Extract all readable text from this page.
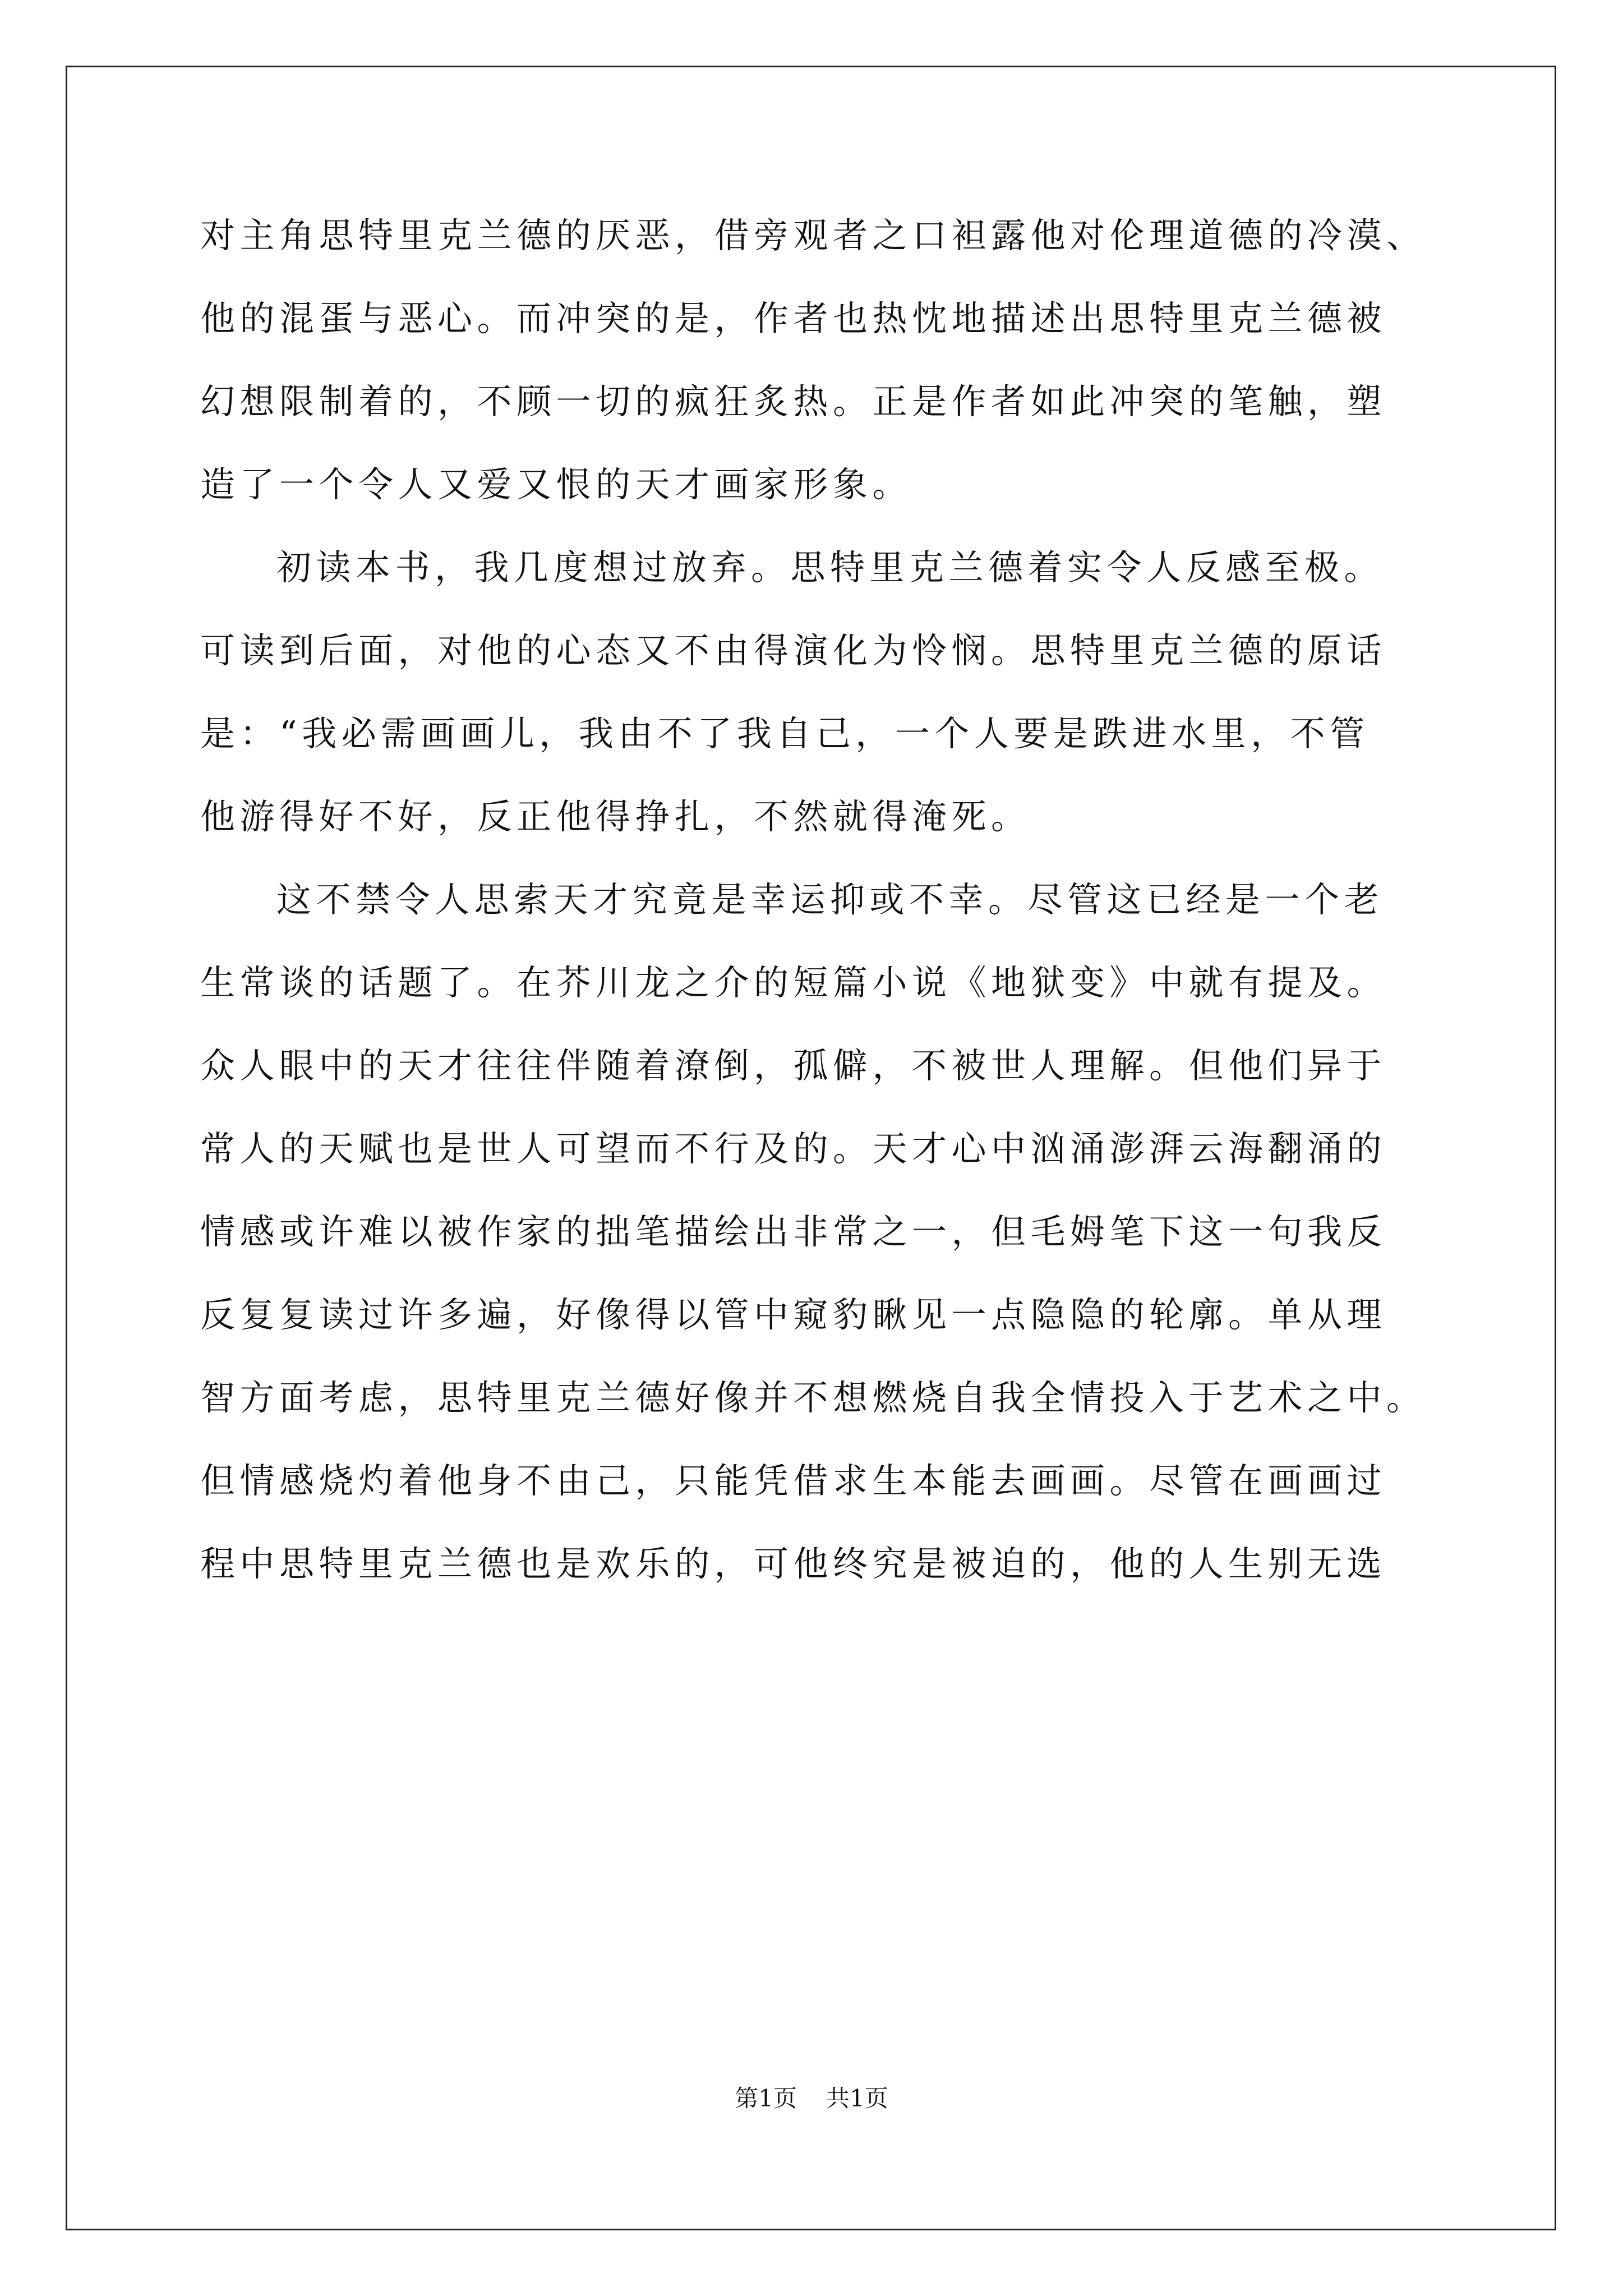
对主角思特里克兰德的厌恶，借旁观者之口袒露他对伦理道德的冷漠、
他的混蛋与恶心。而冲突的是，作者也热忱地描述出思特里克兰德被
幻想限制着的，不顾一切的疯狂炙热。正是作者如此冲突的笔触，塑
造了一个令人又爱又恨的天才画家形象。
初读本书，我几度想过放弃。思特里克兰德着实令人反感至极。
可读到后面，对他的心态又不由得演化为怜悯。思特里克兰德的原话
是：“我必需画画儿，我由不了我自己，一个人要是跌进水里，不管
他游得好不好，反正他得挣扎，不然就得淹死。
这不禁令人思索天才究竟是幸运抑或不幸。尽管这已经是一个老
生常谈的话题了。在芥川龙之介的短篇小说《地狱变》中就有提及。
众人眼中的天才往往伴随着潦倒，孤僻，不被世人理解。但他们异于
常人的天赋也是世人可望而不行及的。天才心中汹涌澎湃云海翻涌的
情感或许难以被作家的拙笔描绘出非常之一，但毛姆笔下这一句我反
反复复读过许多遍，好像得以管中窥豹瞅见一点隐隐的轮廓。单从理
智方面考虑，思特里克兰德好像并不想燃烧自我全情投入于艺术之中。
但情感烧灼着他身不由己，只能凭借求生本能去画画。尽管在画画过
程中思特里克兰德也是欢乐的，可他终究是被迫的，他的人生别无选
第1页 共1页
